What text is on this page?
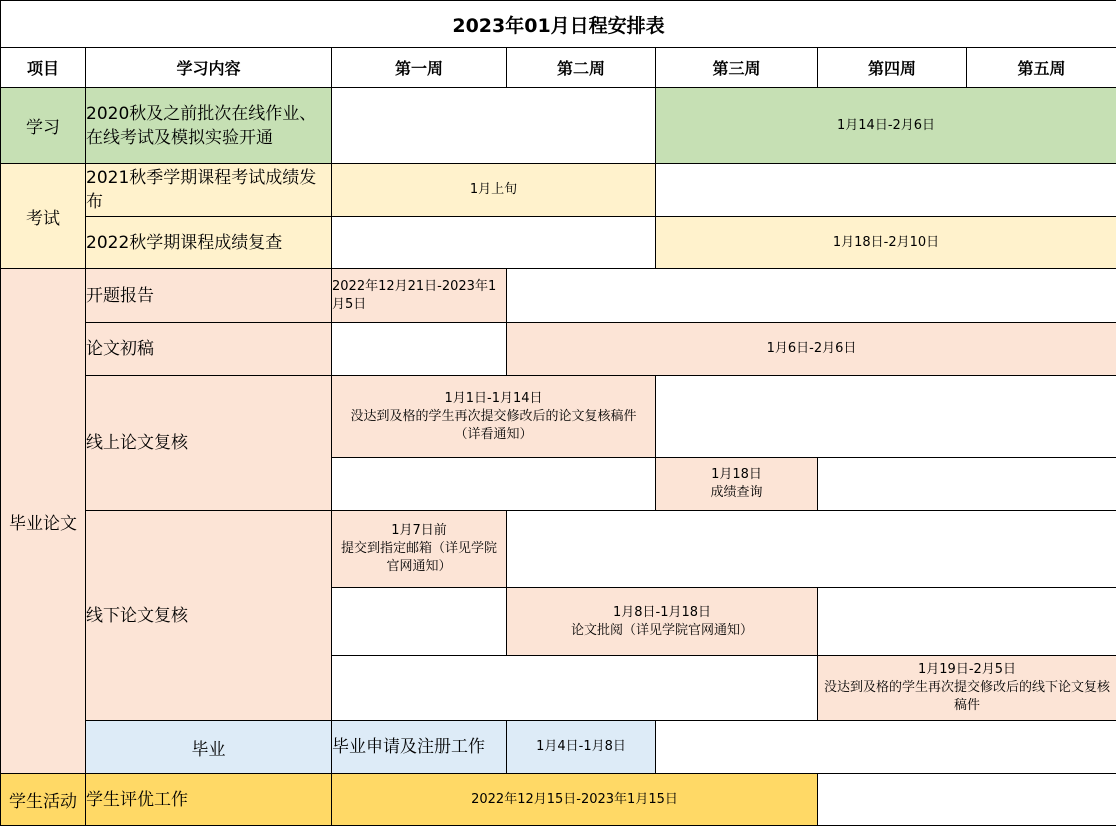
2023年01月日程安排表						
项目	学习内容	第一周	第二周	第三周	第四周	第五周
学习	2020秋及之前批次在线作业、在线考试及模拟实验开通			1月14日-2月6日		
考试	2021秋季学期课程考试成绩发布	1月上旬				
	2022秋学期课程成绩复查			1月18日-2月10日		
毕业论文	开题报告	2022年12月21日-2023年1月5日				
	论文初稿		1月6日-2月6日			
	线上论文复核	1月1日-1月14日
没达到及格的学生再次提交修改后的论文复核稿件（详看通知）				

				1月18日
成绩查询		

	线下论文复核	1月7日前
提交到指定邮箱（详见学院官网通知）				

			1月8日-1月18日
论文批阅（详见学院官网通知）			

					1月19日-2月5日
没达到及格的学生再次提交修改后的线下论文复核稿件	

	毕业	毕业申请及注册工作	1月4日-1月8日			
学生活动	学生评优工作	2022年12月15日-2023年1月15日				
